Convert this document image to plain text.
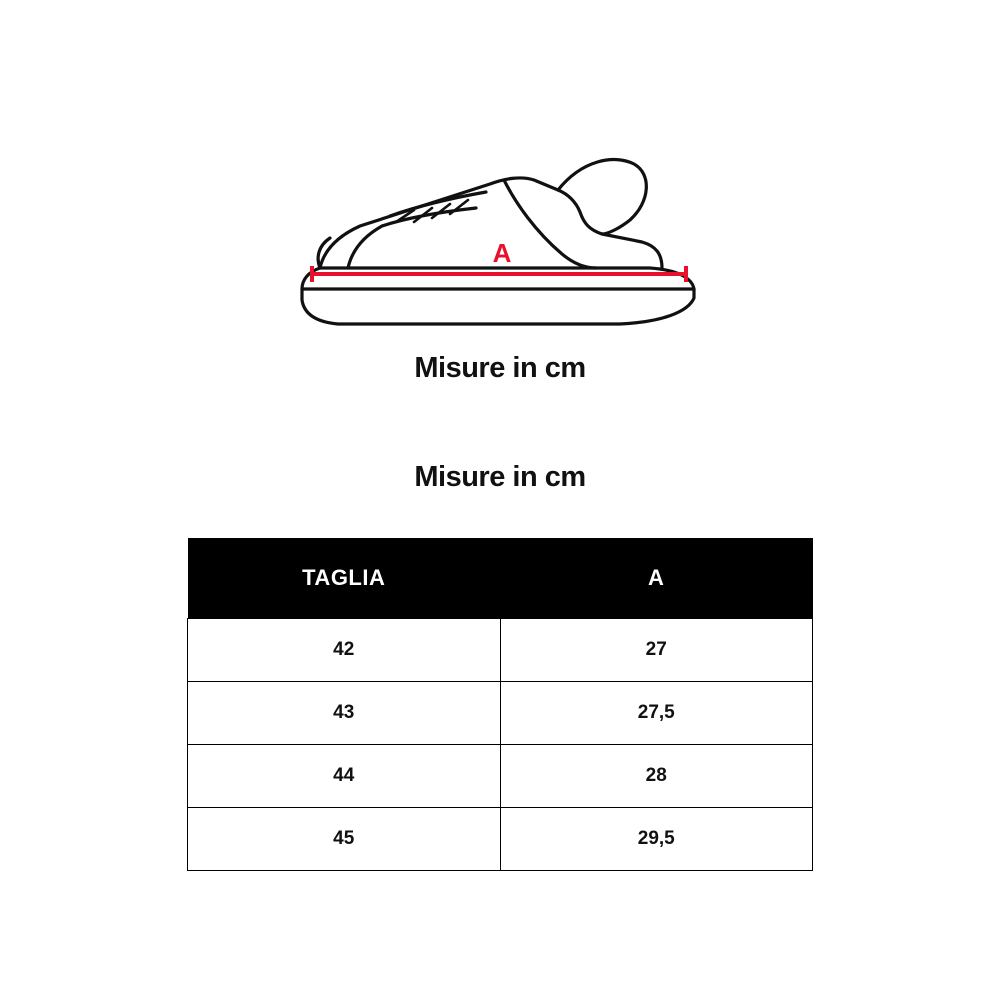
A
Misure in cm
Misure in cm
TAGLIA	A
42	27
43	27,5
44	28
45	29,5
